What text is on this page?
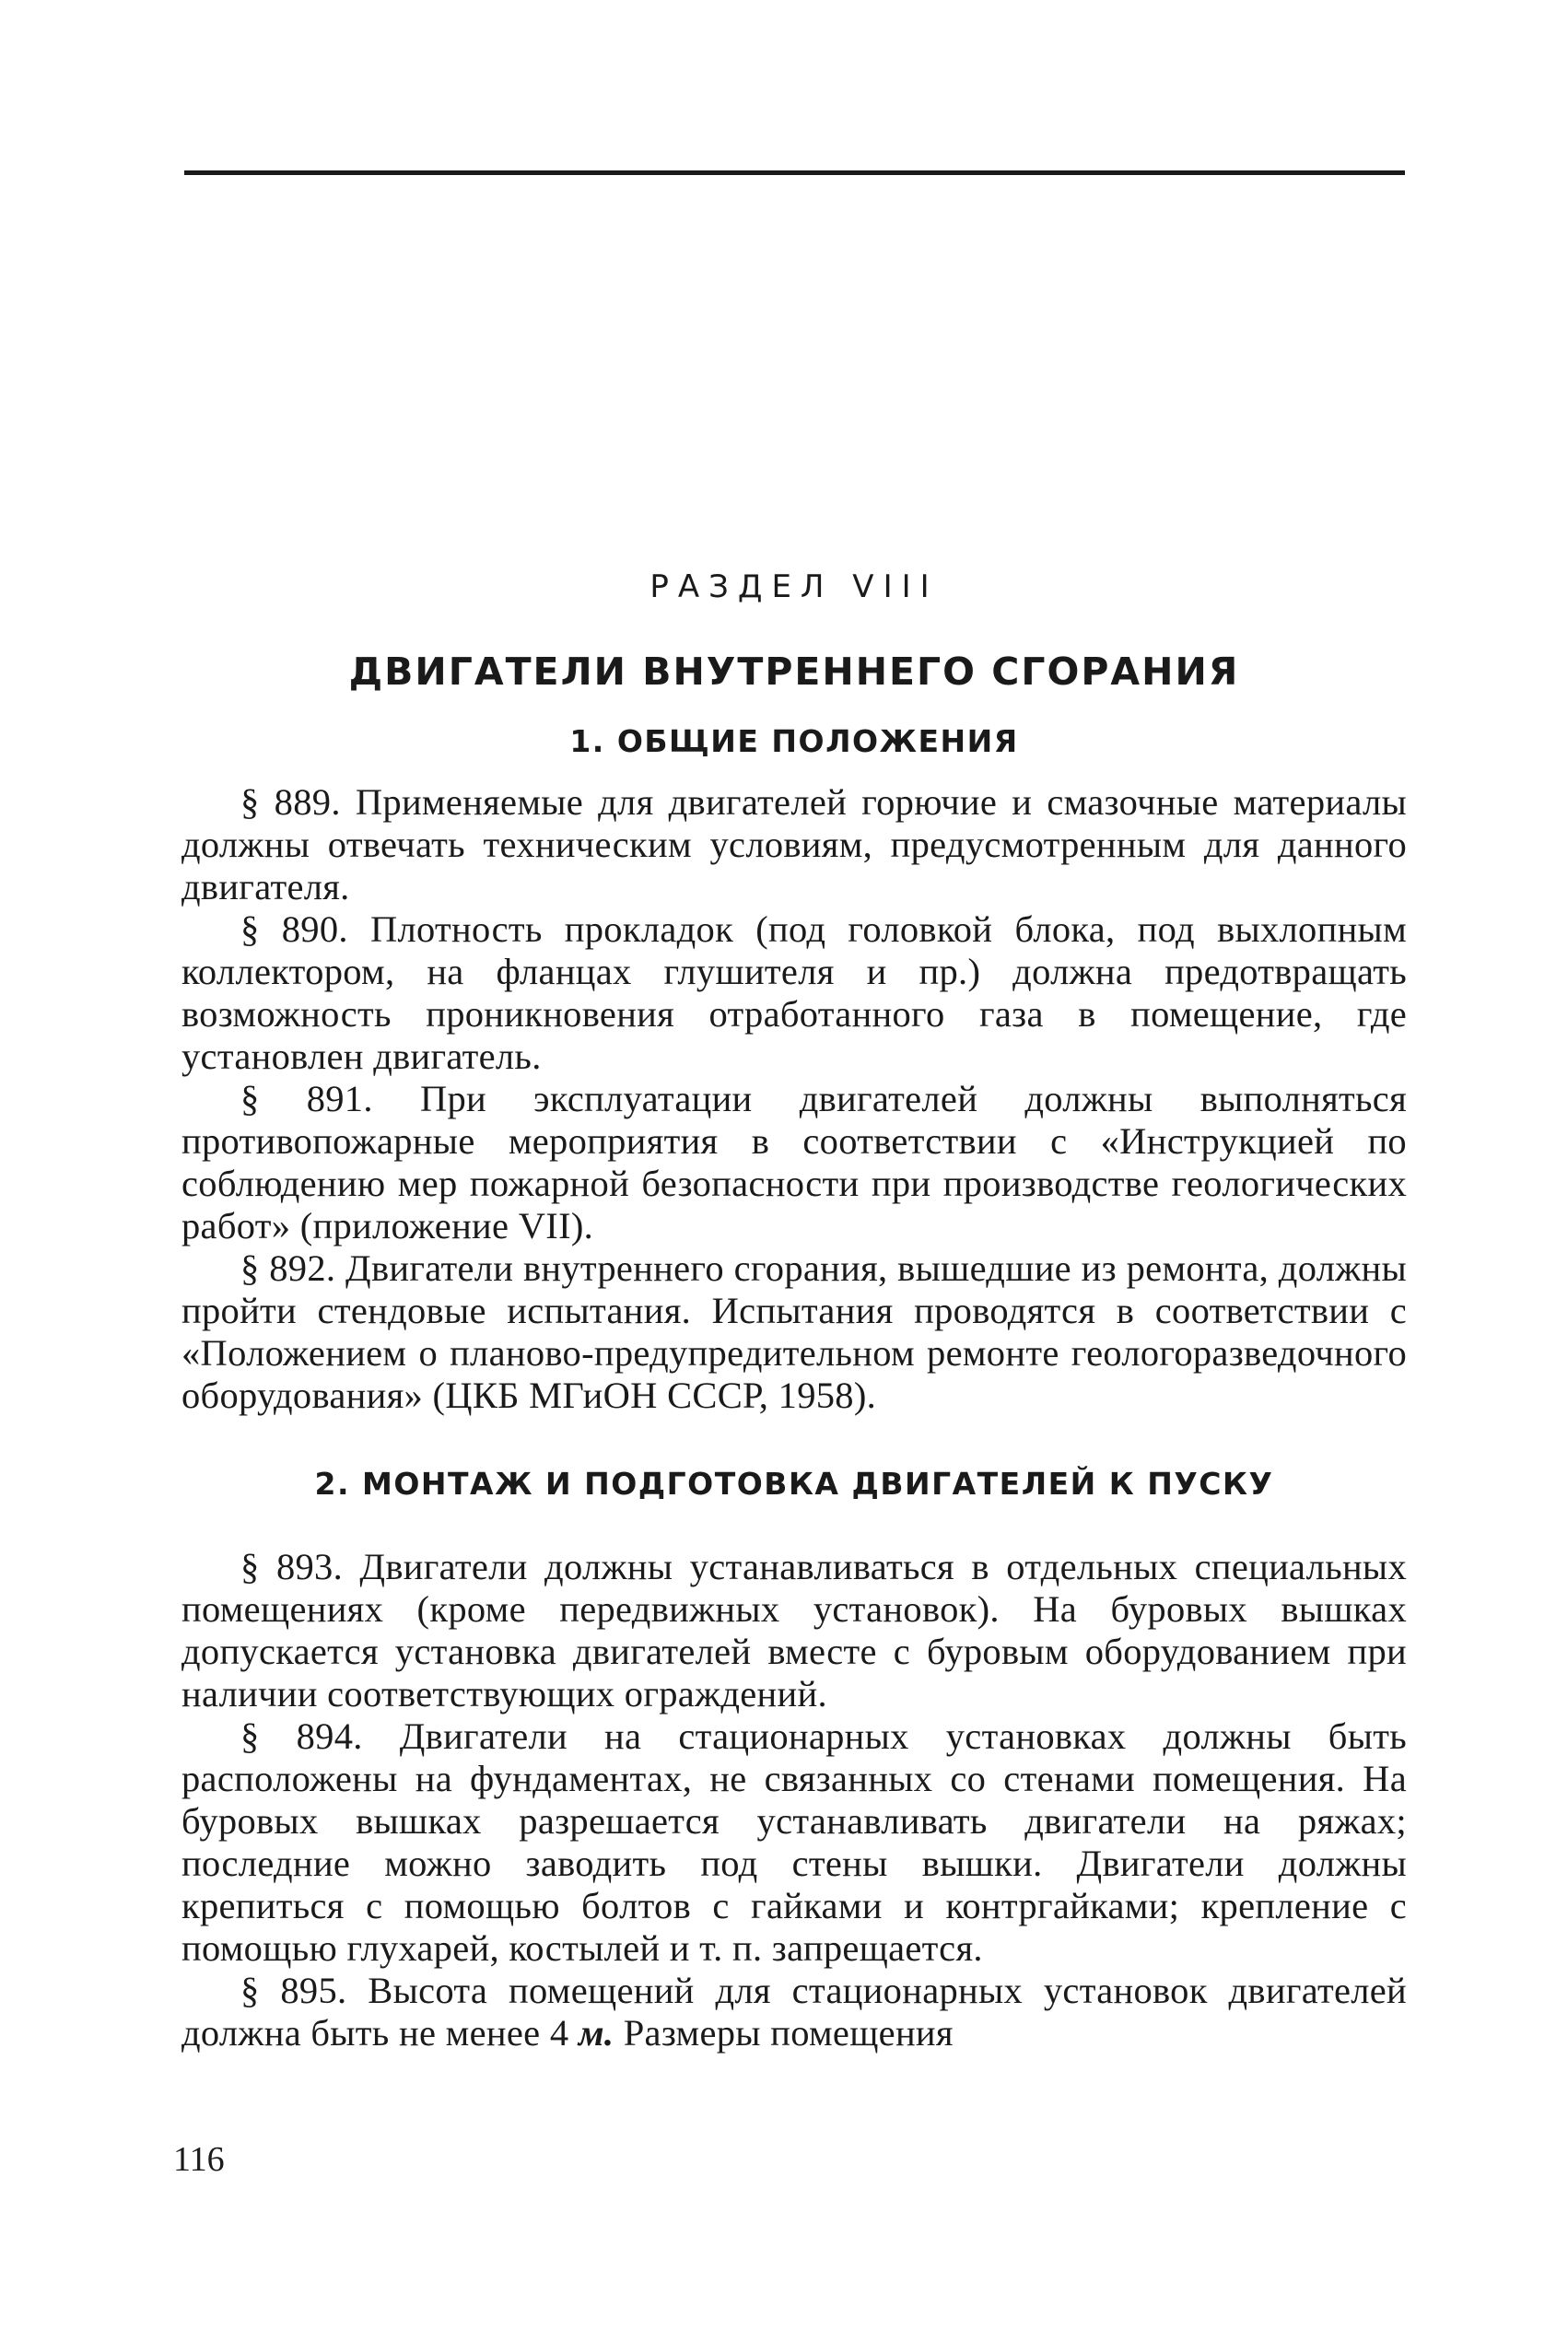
РАЗДЕЛ VIII
ДВИГАТЕЛИ ВНУТРЕННЕГО СГОРАНИЯ
1. ОБЩИЕ ПОЛОЖЕНИЯ

§ 889. Применяемые для двигателей горючие и смазочные материалы должны отвечать техническим условиям, предусмотренным для данного двигателя.

§ 890. Плотность прокладок (под головкой блока, под выхлопным коллектором, на фланцах глушителя и пр.) должна предотвращать возможность проникновения отработанного газа в помещение, где установлен двигатель.

§ 891. При эксплуатации двигателей должны выполняться противопожарные мероприятия в соответствии с «Инструкцией по соблюдению мер пожарной безопасности при производстве геологических работ» (приложение VII).

§ 892. Двигатели внутреннего сгорания, вышедшие из ремонта, должны пройти стендовые испытания. Испытания проводятся в соответствии с «Положением о планово-предупредительном ремонте геологоразведочного оборудования» (ЦКБ МГиОН СССР, 1958).

2. МОНТАЖ И ПОДГОТОВКА ДВИГАТЕЛЕЙ К ПУСКУ

§ 893. Двигатели должны устанавливаться в отдельных специальных помещениях (кроме передвижных установок). На буровых вышках допускается установка двигателей вместе с буровым оборудованием при наличии соответствующих ограждений.

§ 894. Двигатели на стационарных установках должны быть расположены на фундаментах, не связанных со стенами помещения. На буровых вышках разрешается устанавливать двигатели на ряжах; последние можно заводить под стены вышки. Двигатели должны крепиться с помощью болтов с гайками и контргайками; крепление с помощью глухарей, костылей и т. п. запрещается.

§ 895. Высота помещений для стационарных установок двигателей должна быть не менее 4 м. Размеры помещения

116
